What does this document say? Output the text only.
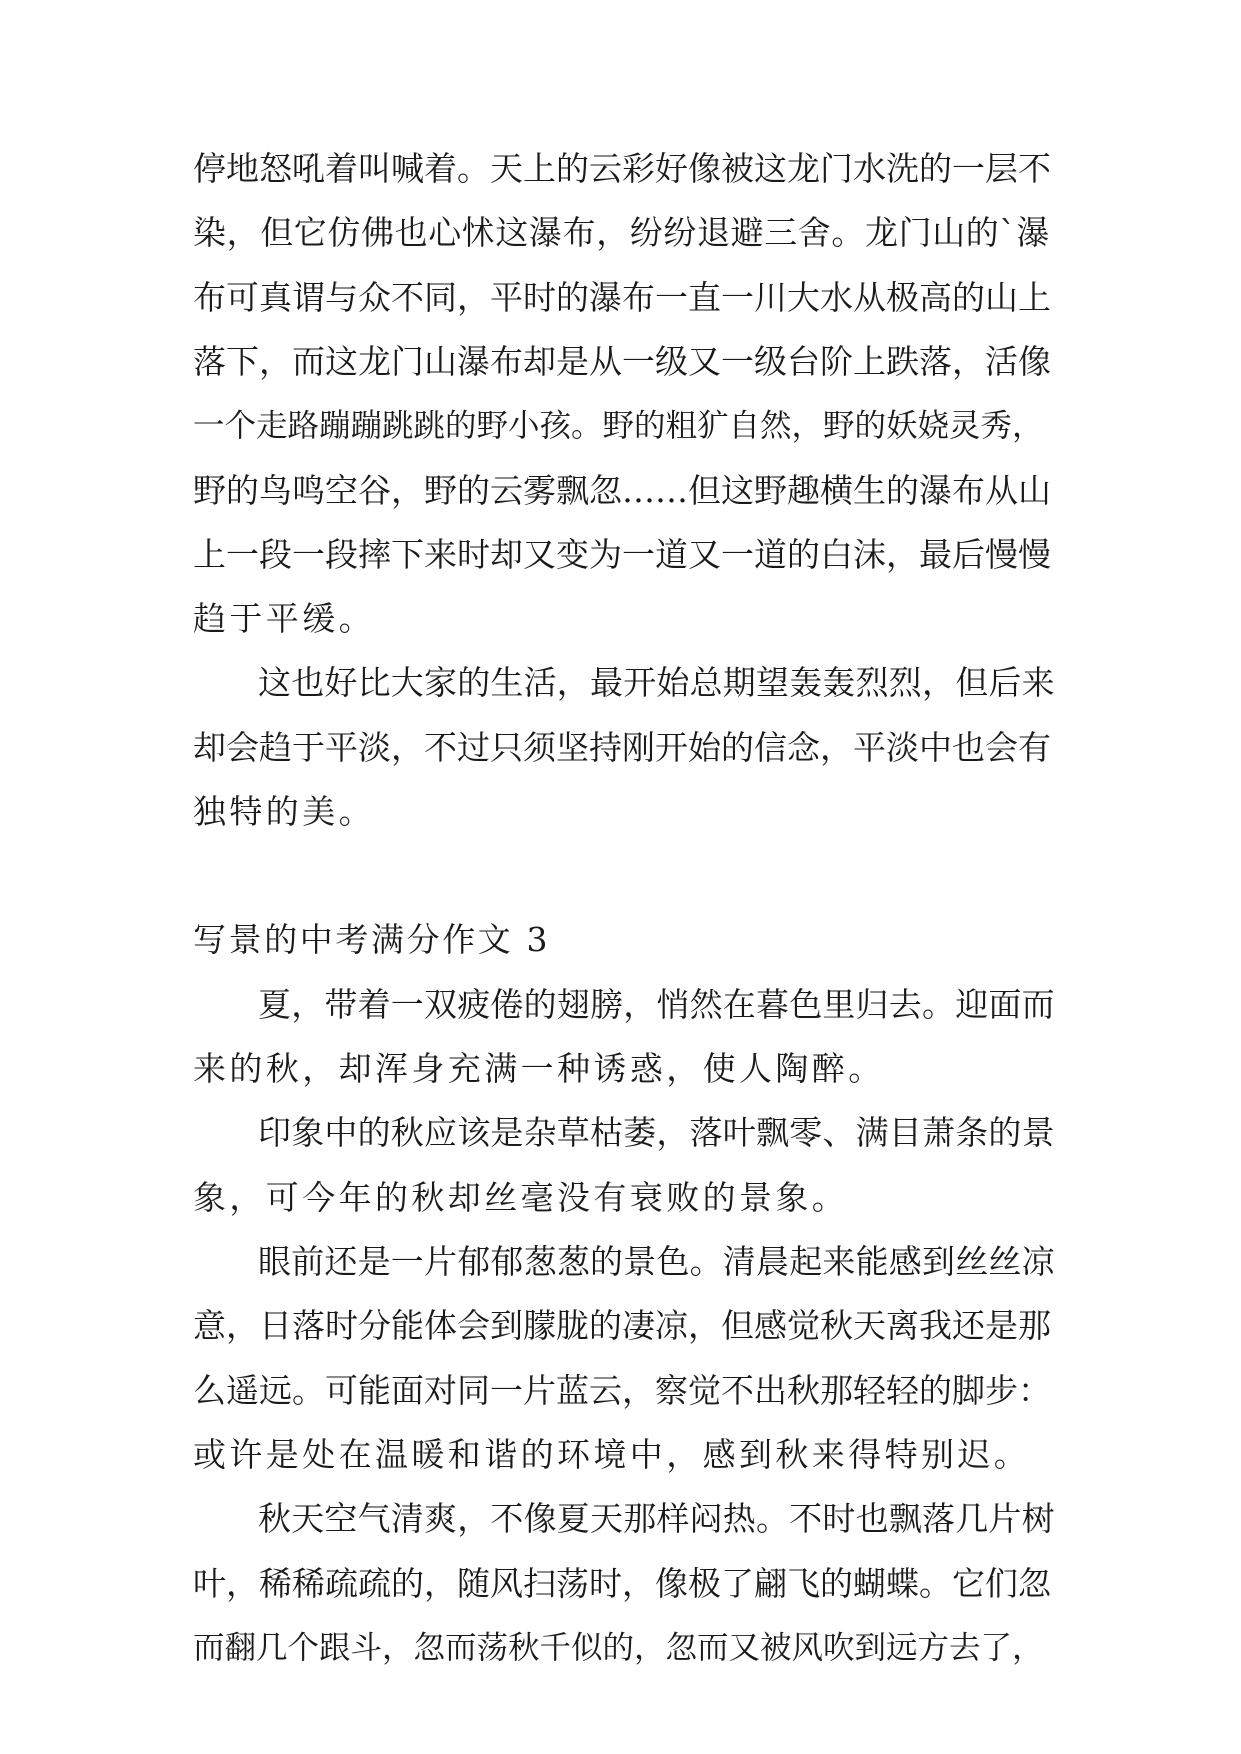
停地怒吼着叫喊着。天上的云彩好像被这龙门水洗的一层不
染，但它仿佛也心怵这瀑布，纷纷退避三舍。龙门山的`瀑
布可真谓与众不同，平时的瀑布一直一川大水从极高的山上
落下，而这龙门山瀑布却是从一级又一级台阶上跌落，活像
一个走路蹦蹦跳跳的野小孩。野的粗犷自然，野的妖娆灵秀，
野的鸟鸣空谷，野的云雾飘忽……但这野趣横生的瀑布从山
上一段一段摔下来时却又变为一道又一道的白沫，最后慢慢
趋于平缓。
这也好比大家的生活，最开始总期望轰轰烈烈，但后来
却会趋于平淡，不过只须坚持刚开始的信念，平淡中也会有
独特的美。
写景的中考满分作文 3
夏，带着一双疲倦的翅膀，悄然在暮色里归去。迎面而
来的秋，却浑身充满一种诱惑，使人陶醉。
印象中的秋应该是杂草枯萎，落叶飘零、满目萧条的景
象，可今年的秋却丝毫没有衰败的景象。
眼前还是一片郁郁葱葱的景色。清晨起来能感到丝丝凉
意，日落时分能体会到朦胧的凄凉，但感觉秋天离我还是那
么遥远。可能面对同一片蓝云，察觉不出秋那轻轻的脚步：
或许是处在温暖和谐的环境中，感到秋来得特别迟。
秋天空气清爽，不像夏天那样闷热。不时也飘落几片树
叶，稀稀疏疏的，随风扫荡时，像极了翩飞的蝴蝶。它们忽
而翻几个跟斗，忽而荡秋千似的，忽而又被风吹到远方去了，
